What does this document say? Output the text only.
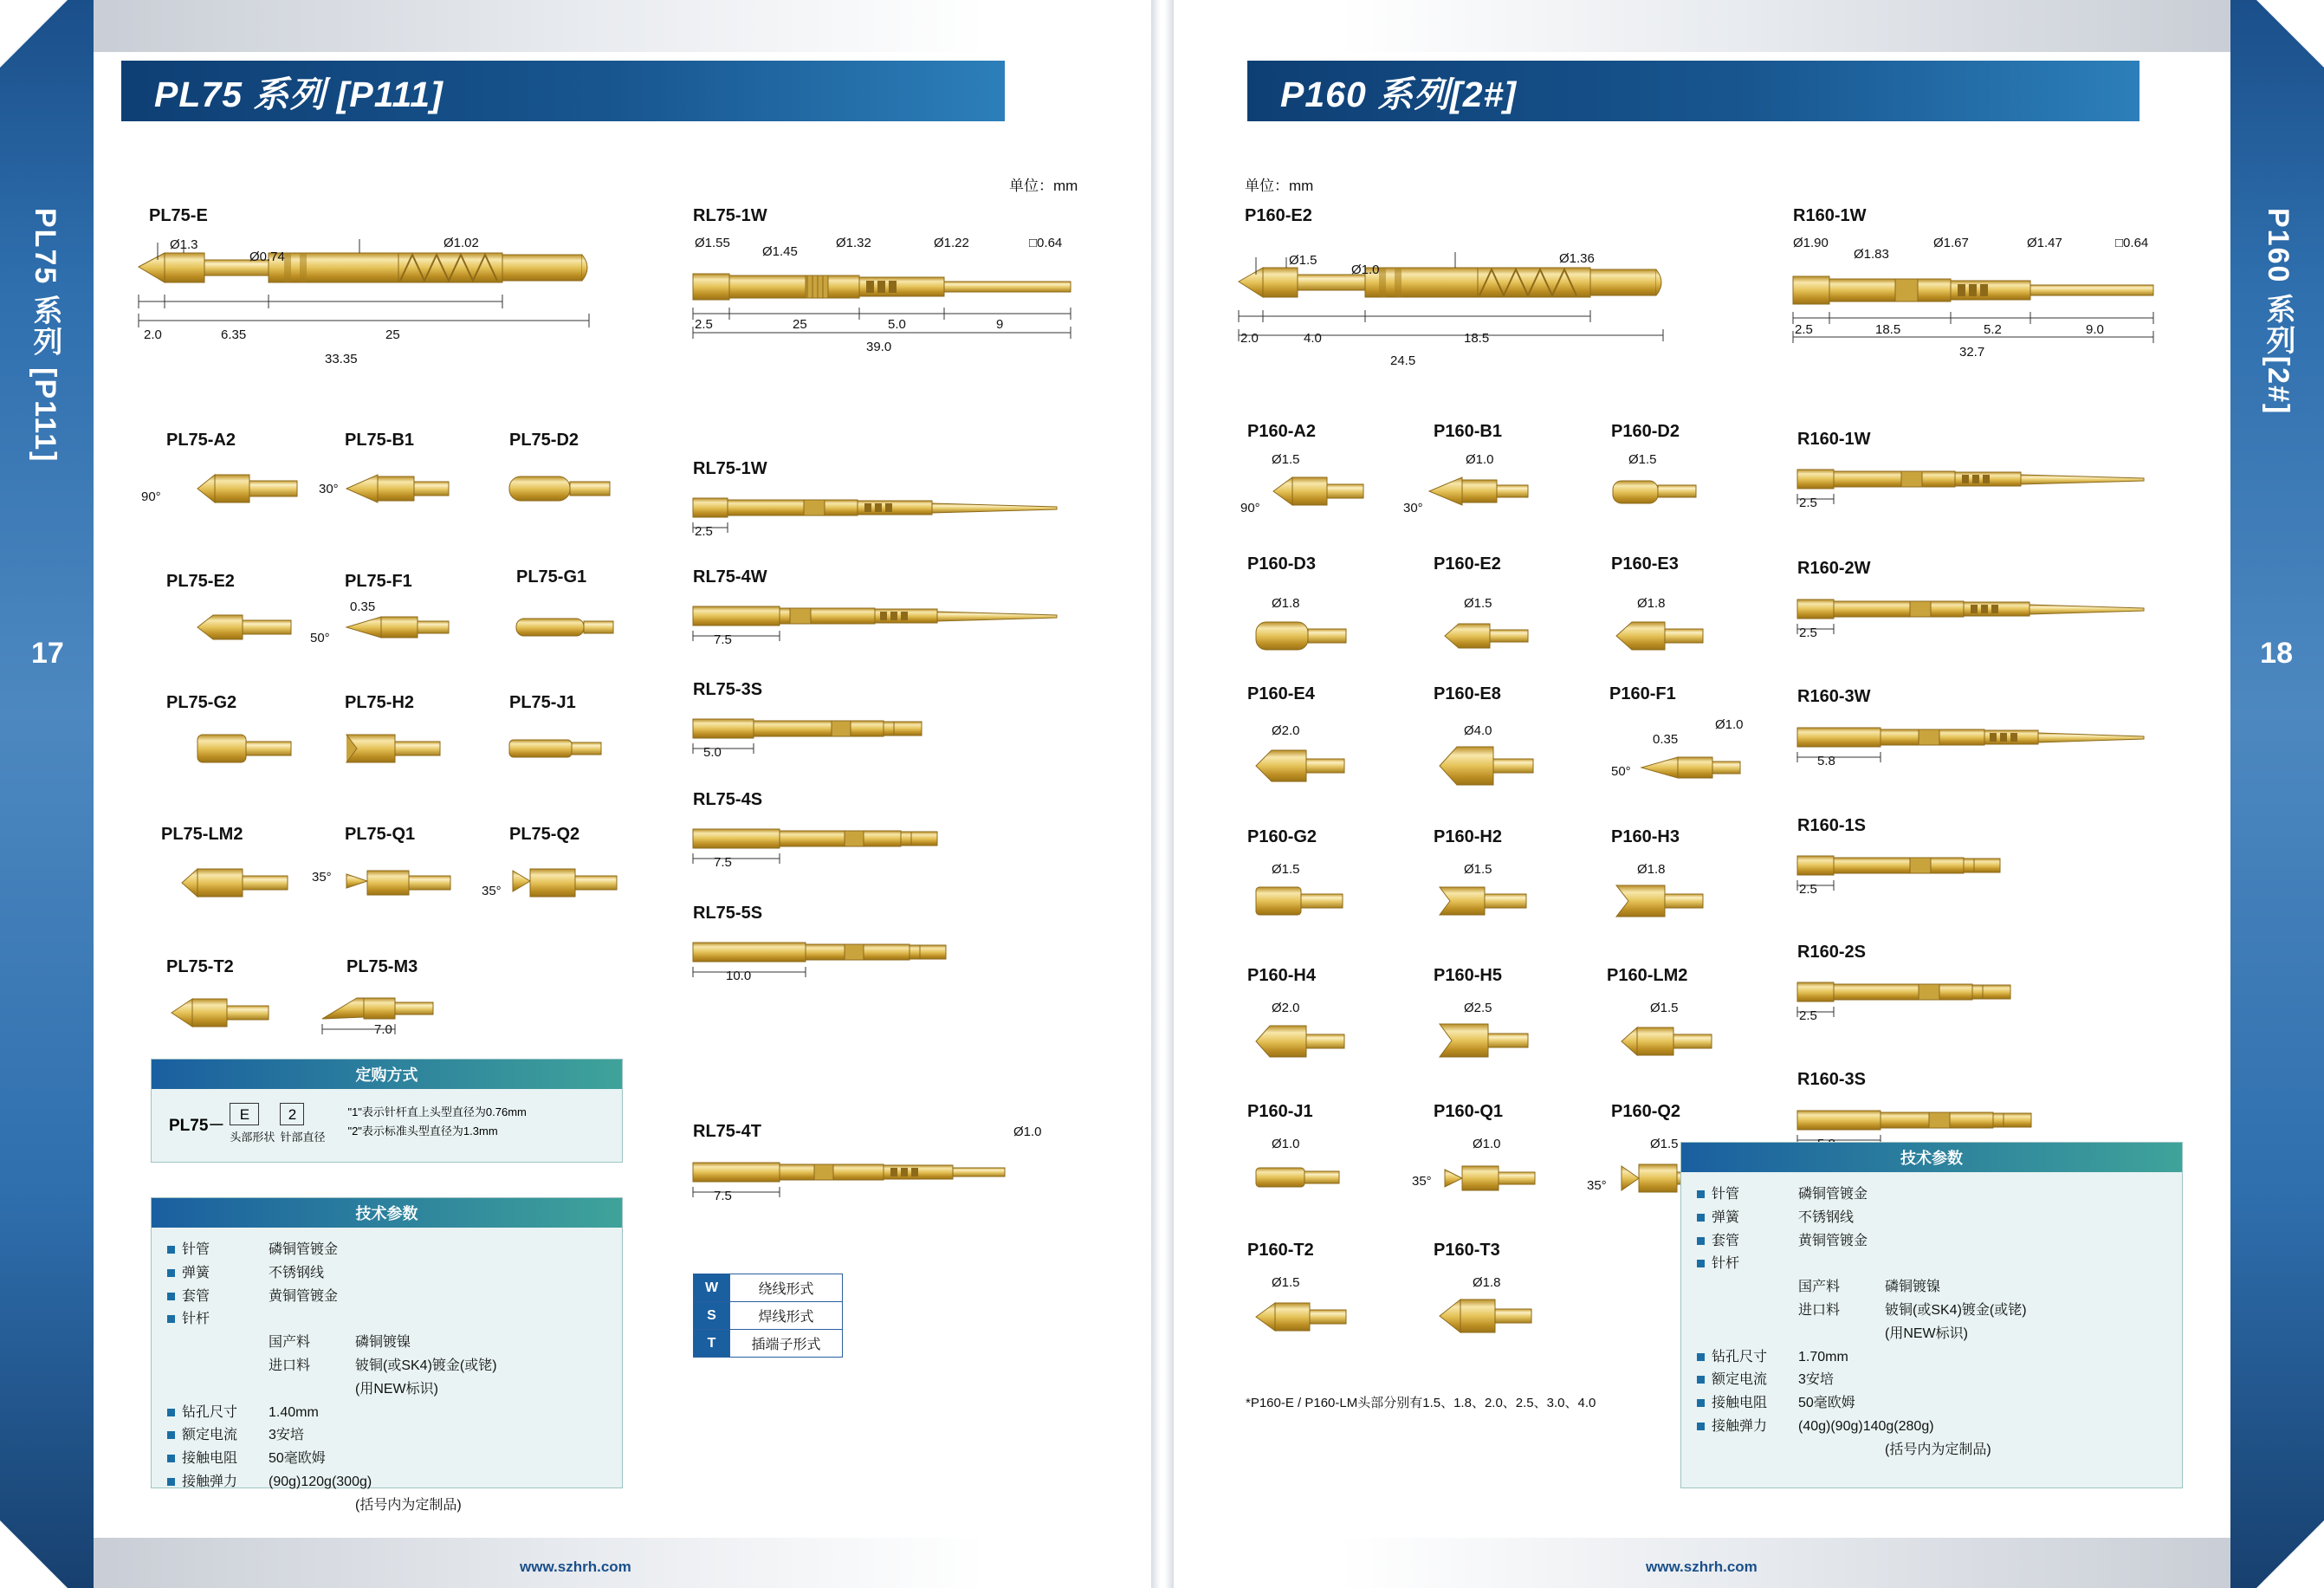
PL75 系列 [P111]
17
P160 系列[2#]
18
PL75 系列 [P111]	P160 系列[2#]
单位：mm	单位：mm
PL75-E
Ø1.3
Ø0.74
Ø1.02
2.0	6.35	25
33.35
RL75-1W
Ø1.55
Ø1.45
Ø1.32	Ø1.22	□0.64
2.5	25	5.0	9
39.0
PL75-A2	PL75-B1	PL75-D2
90°
30°
PL75-E2	PL75-F1	PL75-G1
0.35
50°
PL75-G2	PL75-H2	PL75-J1
PL75-LM2	PL75-Q1	PL75-Q2
35°
35°
PL75-T2	PL75-M3
7.0
RL75-1W
2.5
RL75-4W
7.5
RL75-3S
5.0
RL75-4S
7.5
RL75-5S
10.0
RL75-4T	Ø1.0
7.5
定购方式
PL75－
E
头部形状
2
针部直径
"1"表示针杆直上头型直径为0.76mm
"2"表示标准头型直径为1.3mm
技术参数
针管	磷铜管镀金
弹簧	不锈钢线
套管	黄铜管镀金
针杆
国产料	磷铜镀镍
进口料	铍铜(或SK4)镀金(或铑)
(用NEW标识)
钻孔尺寸	1.40mm
额定电流	3安培
接触电阻	50毫欧姆
接触弹力	(90g)120g(300g)
(括号内为定制品)
W	绕线形式
S	焊线形式
T	插端子形式
P160-E2
Ø1.5
Ø1.0
Ø1.36
2.0	4.0	18.5
24.5
R160-1W
Ø1.90
Ø1.83
Ø1.67	Ø1.47	□0.64
2.5	18.5	5.2	9.0
32.7
P160-A2
Ø1.5
90°
P160-B1
Ø1.0
30°
P160-D2
Ø1.5
P160-D3
Ø1.8
P160-E2
Ø1.5
P160-E3
Ø1.8
P160-E4
Ø2.0
P160-E8
Ø4.0
P160-F1
Ø1.0
0.35
50°
P160-G2
Ø1.5
P160-H2
Ø1.5
P160-H3
Ø1.8
P160-H4
Ø2.0
P160-H5
Ø2.5
P160-LM2
Ø1.5
P160-J1
Ø1.0
P160-Q1
Ø1.0
35°
P160-Q2
Ø1.5
35°
P160-T2
Ø1.5
P160-T3
Ø1.8
*P160-E / P160-LM头部分别有1.5、1.8、2.0、2.5、3.0、4.0
R160-1W
2.5
R160-2W
2.5
R160-3W
5.8
R160-1S
2.5
R160-2S
2.5
R160-3S
技术参数
针管	磷铜管镀金
弹簧	不锈钢线
套管	黄铜管镀金
针杆
国产料	磷铜镀镍
进口料	铍铜(或SK4)镀金(或铑)
(用NEW标识)
钻孔尺寸	1.70mm
额定电流	3安培
接触电阻	50毫欧姆
接触弹力	(40g)(90g)140g(280g)
(括号内为定制品)
www.szhrh.com	www.szhrh.com
